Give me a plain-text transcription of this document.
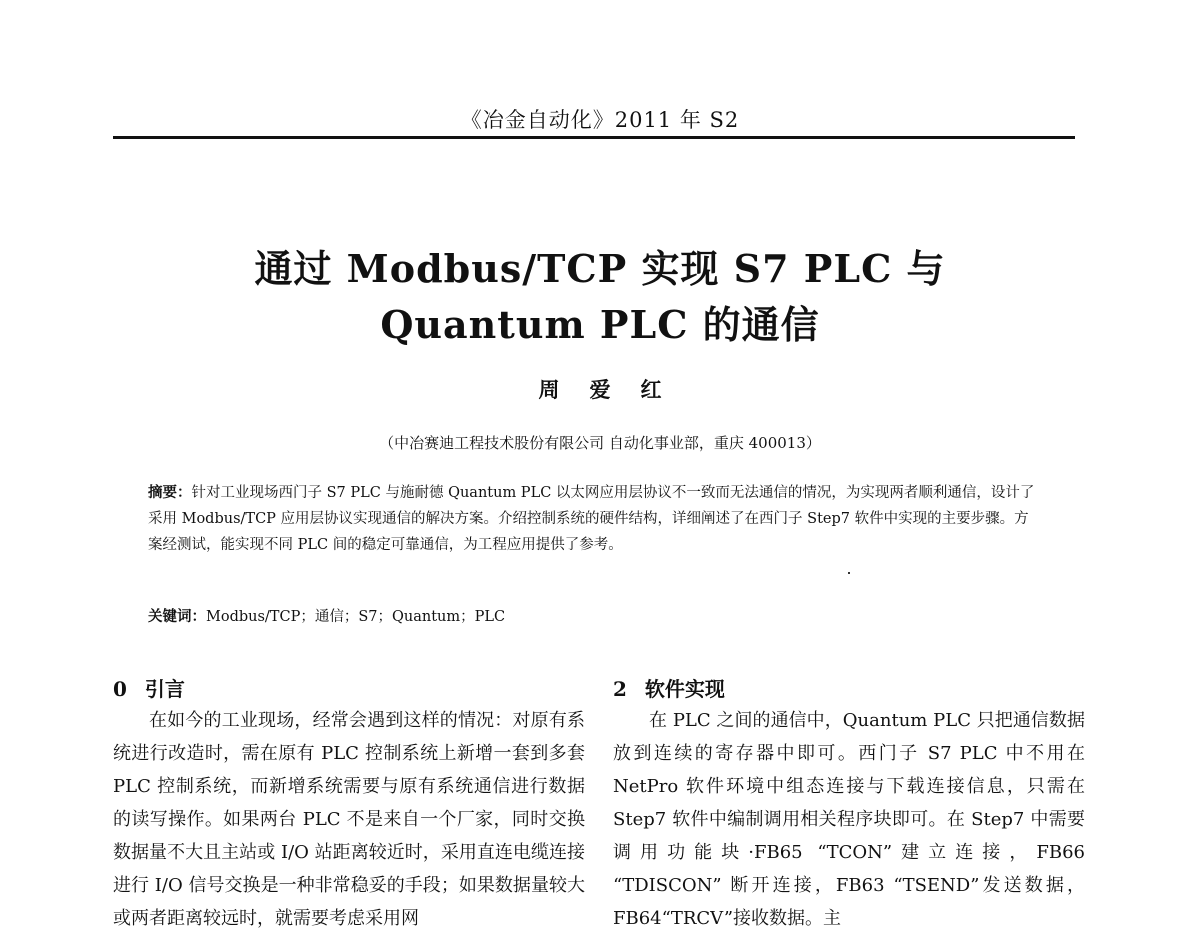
《冶金自动化》2011 年 S2
通过 Modbus/TCP 实现 S7 PLC 与
Quantum PLC 的通信
周爱红
（中冶赛迪工程技术股份有限公司 自动化事业部，重庆 400013）
摘要：针对工业现场西门子 S7 PLC 与施耐德 Quantum PLC 以太网应用层协议不一致而无法通信的情况，为实现两者顺利通信，设计了采用 Modbus/TCP 应用层协议实现通信的解决方案。介绍控制系统的硬件结构，详细阐述了在西门子 Step7 软件中实现的主要步骤。方案经测试，能实现不同 PLC 间的稳定可靠通信，为工程应用提供了参考。
关键词：Modbus/TCP；通信；S7；Quantum；PLC
0 引言

在如今的工业现场，经常会遇到这样的情况：对原有系统进行改造时，需在原有 PLC 控制系统上新增一套到多套 PLC 控制系统，而新增系统需要与原有系统通信进行数据的读写操作。如果两台 PLC 不是来自一个厂家，同时交换数据量不大且主站或 I/O 站距离较近时，采用直连电缆连接进行 I/O 信号交换是一种非常稳妥的手段；如果数据量较大或两者距离较远时，就需要考虑采用网

2 软件实现

在 PLC 之间的通信中，Quantum PLC 只把通信数据放到连续的寄存器中即可。西门子 S7 PLC 中不用在 NetPro 软件环境中组态连接与下载连接信息，只需在 Step7 软件中编制调用相关程序块即可。在 Step7 中需要调用功能块·FB65 “TCON”建立连接，FB66 “TDISCON” 断开连接，FB63 “TSEND”发送数据，FB64“TRCV”接收数据。主
